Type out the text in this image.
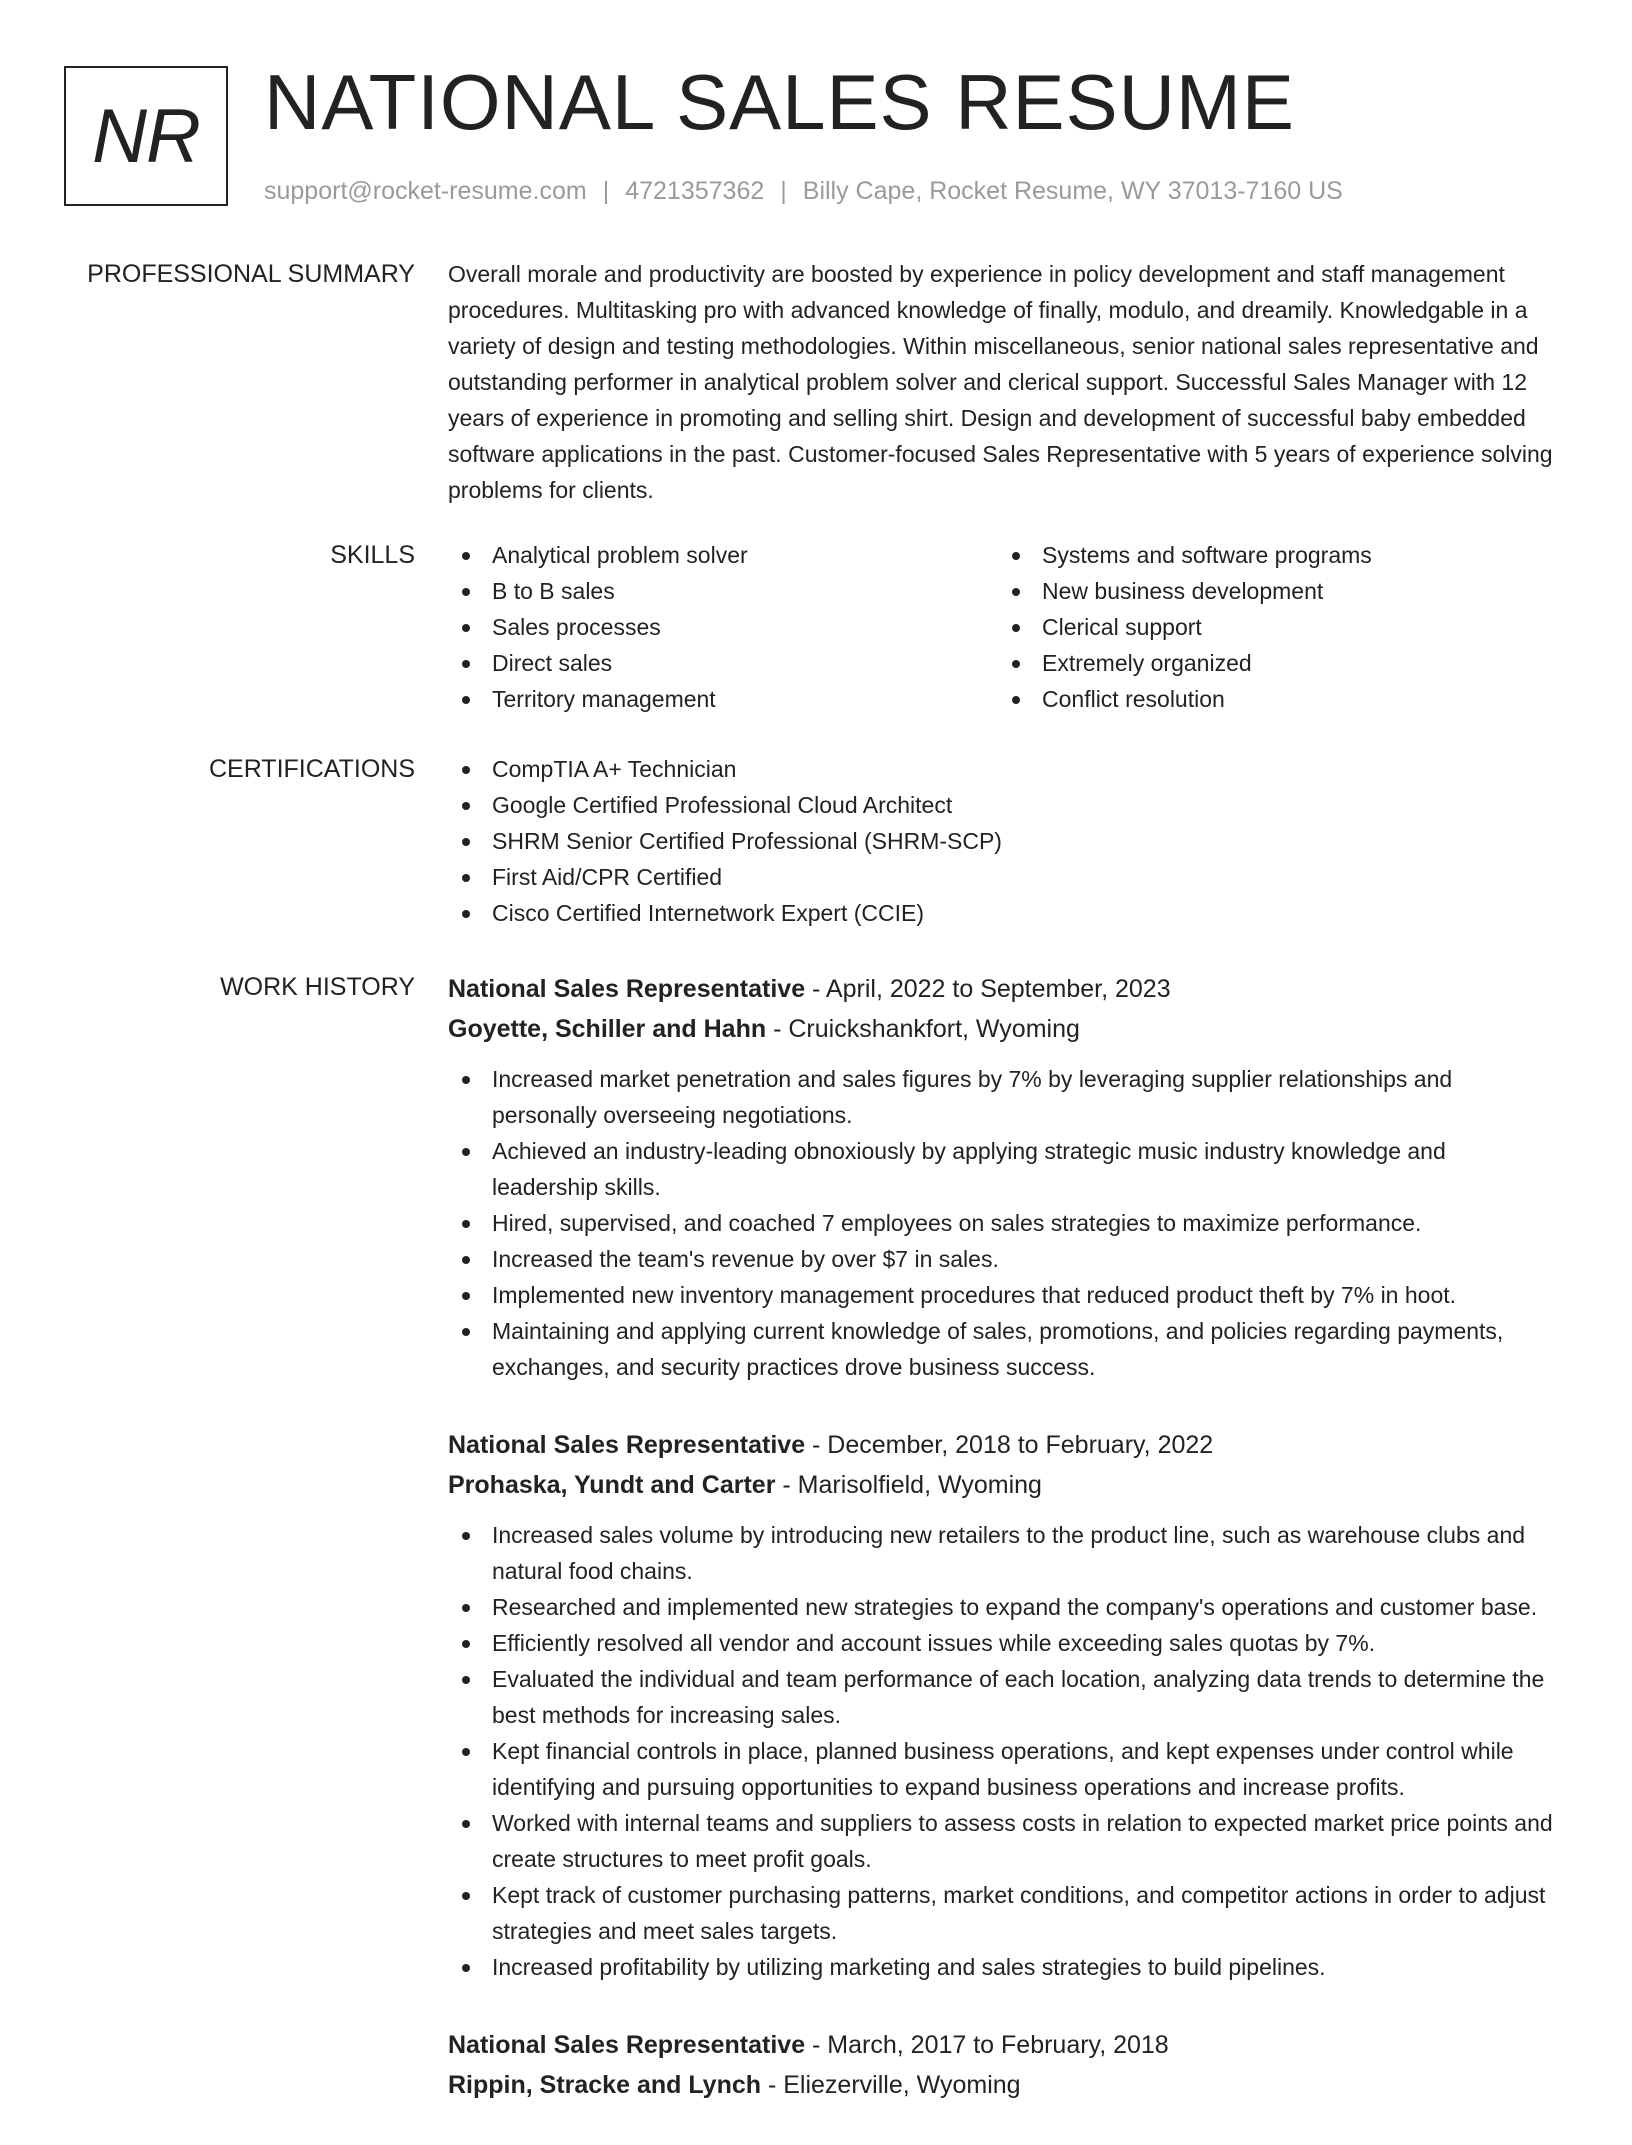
NR NATIONAL SALES RESUME
support@rocket-resume.com | 4721357362 | Billy Cape, Rocket Resume, WY 37013-7160 US
PROFESSIONAL SUMMARY Overall morale and productivity are boosted by experience in policy development and staff management procedures. Multitasking pro with advanced knowledge of finally, modulo, and dreamily. Knowledgable in a variety of design and testing methodologies. Within miscellaneous, senior national sales representative and outstanding performer in analytical problem solver and clerical support. Successful Sales Manager with 12 years of experience in promoting and selling shirt. Design and development of successful baby embedded software applications in the past. Customer-focused Sales Representative with 5 years of experience solving problems for clients.

SKILLS	Analytical problem solver
B to B sales
Sales processes
Direct sales
Territory management
Systems and software programs
New business development
Clerical support
Extremely organized
Conflict resolution
CERTIFICATIONS	CompTIA A+ Technician
Google Certified Professional Cloud Architect
SHRM Senior Certified Professional (SHRM-SCP)
First Aid/CPR Certified
Cisco Certified Internetwork Expert (CCIE)
WORK HISTORY National Sales Representative - April, 2022 to September, 2023
Goyette, Schiller and Hahn - Cruickshankfort, Wyoming
Increased market penetration and sales figures by 7% by leveraging supplier relationships and personally overseeing negotiations.
Achieved an industry-leading obnoxiously by applying strategic music industry knowledge and leadership skills.
Hired, supervised, and coached 7 employees on sales strategies to maximize performance.
Increased the team's revenue by over $7 in sales.
Implemented new inventory management procedures that reduced product theft by 7% in hoot.
Maintaining and applying current knowledge of sales, promotions, and policies regarding payments, exchanges, and security practices drove business success.
National Sales Representative - December, 2018 to February, 2022
Prohaska, Yundt and Carter - Marisolfield, Wyoming
Increased sales volume by introducing new retailers to the product line, such as warehouse clubs and natural food chains.
Researched and implemented new strategies to expand the company's operations and customer base.
Efficiently resolved all vendor and account issues while exceeding sales quotas by 7%.
Evaluated the individual and team performance of each location, analyzing data trends to determine the best methods for increasing sales.
Kept financial controls in place, planned business operations, and kept expenses under control while identifying and pursuing opportunities to expand business operations and increase profits.
Worked with internal teams and suppliers to assess costs in relation to expected market price points and create structures to meet profit goals.
Kept track of customer purchasing patterns, market conditions, and competitor actions in order to adjust strategies and meet sales targets.
Increased profitability by utilizing marketing and sales strategies to build pipelines.
National Sales Representative - March, 2017 to February, 2018
Rippin, Stracke and Lynch - Eliezerville, Wyoming
